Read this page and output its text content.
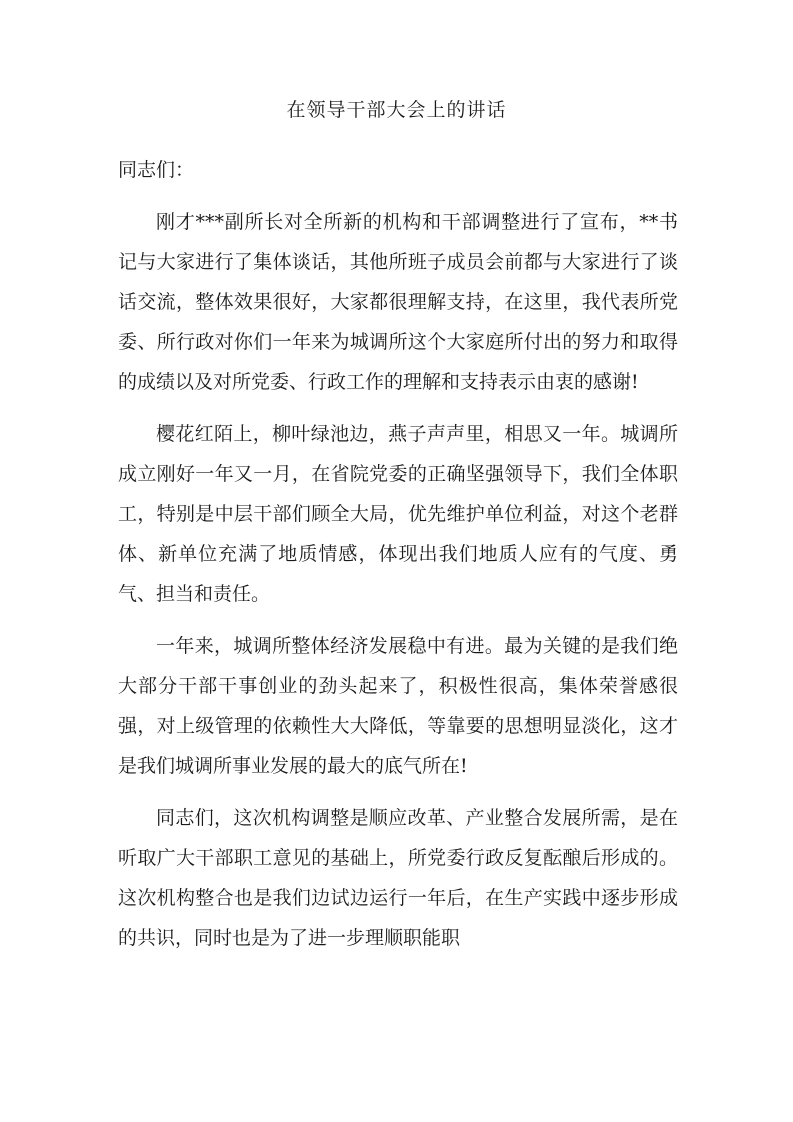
在领导干部大会上的讲话

同志们：

刚才***副所长对全所新的机构和干部调整进行了宣布，**书记与大家进行了集体谈话，其他所班子成员会前都与大家进行了谈话交流，整体效果很好，大家都很理解支持，在这里，我代表所党委、所行政对你们一年来为城调所这个大家庭所付出的努力和取得的成绩以及对所党委、行政工作的理解和支持表示由衷的感谢!

樱花红陌上，柳叶绿池边，燕子声声里，相思又一年。城调所成立刚好一年又一月，在省院党委的正确坚强领导下，我们全体职工，特别是中层干部们顾全大局，优先维护单位利益，对这个老群体、新单位充满了地质情感，体现出我们地质人应有的气度、勇气、担当和责任。

一年来，城调所整体经济发展稳中有进。最为关键的是我们绝大部分干部干事创业的劲头起来了，积极性很高，集体荣誉感很强，对上级管理的依赖性大大降低，等靠要的思想明显淡化，这才是我们城调所事业发展的最大的底气所在!

同志们，这次机构调整是顺应改革、产业整合发展所需，是在听取广大干部职工意见的基础上，所党委行政反复酝酿后形成的。这次机构整合也是我们边试边运行一年后，在生产实践中逐步形成的共识，同时也是为了进一步理顺职能职
